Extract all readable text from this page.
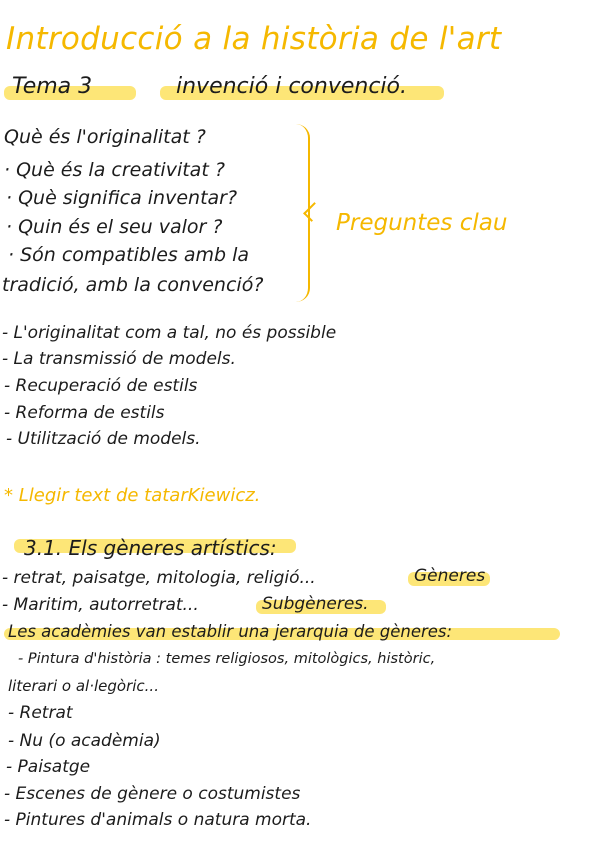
Introducció a la història de l'art
Tema 3	invenció i convenció.
Què és l'originalitat ?
· Què és la creativitat ?
· Què significa inventar?
· Quin és el seu valor ?
· Són compatibles amb la
tradició, amb la convenció?
Preguntes clau
- L'originalitat com a tal, no és possible
- La transmissió de models.
- Recuperació de estils
- Reforma de estils
- Utilització de models.
* Llegir text de tatarKiewicz.
3.1. Els gèneres artístics:
- retrat, paisatge, mitologia, religió...	Gèneres
- Maritim, autorretrat...	Subgèneres.
Les acadèmies van establir una jerarquia de gèneres:
- Pintura d'història : temes religiosos, mitològics, històric,
literari o al·legòric...
- Retrat
- Nu (o acadèmia)
- Paisatge
- Escenes de gènere o costumistes
- Pintures d'animals o natura morta.
